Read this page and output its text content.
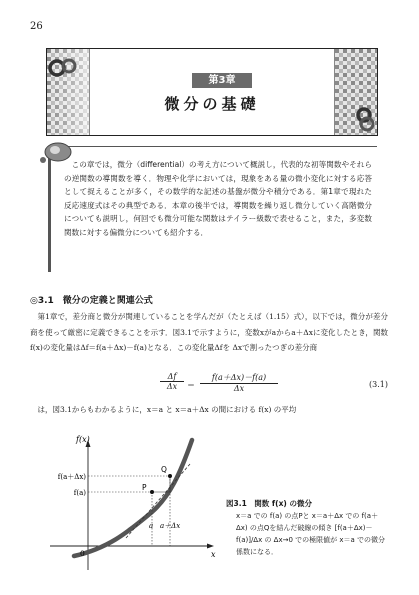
26
第3章
微分の基礎

この章では，微分（differential）の考え方について概説し，代表的な初等関数やそれらの逆関数の導関数を導く．物理や化学においては，現象をある量の微小変化に対する応答として捉えることが多く，その数学的な記述の基盤が微分や積分である．第1章で現れた反応速度式はその典型である．本章の後半では，導関数を繰り返し微分していく高階微分についても説明し，何回でも微分可能な関数はテイラー級数で表せること，また，多変数関数に対する偏微分についても紹介する．

◎3.1　微分の定義と関連公式

第1章で，差分商と微分が関連していることを学んだが（たとえば（1.15）式），以下では，微分が差分商を使って厳密に定義できることを示す．図3.1で示すように，変数xがaからa＋Δxに変化したとき，関数f(x)の変化量はΔf＝f(a＋Δx)－f(a)となる．この変化量Δfを Δxで割ったつぎの差分商

$\frac{\Delta f}{\Delta x} = \frac{f(a+\Delta x)-f(a)}{\Delta x}$	(3.1)

は，図3.1からもわかるように，x＝a と x＝a＋Δx の間における f(x) の平均

f(x)
x
0
f(a＋Δx)
f(a)
P
Q
a a＋Δx
図3.1　関数 f(x) の微分
x＝a での f(a) の点Pと x＝a＋Δx での f(a＋Δx) の点Qを結んだ破線の傾き [f(a＋Δx)－f(a)]/Δx の Δx→0 での極限値が x＝a での微分係数になる．
